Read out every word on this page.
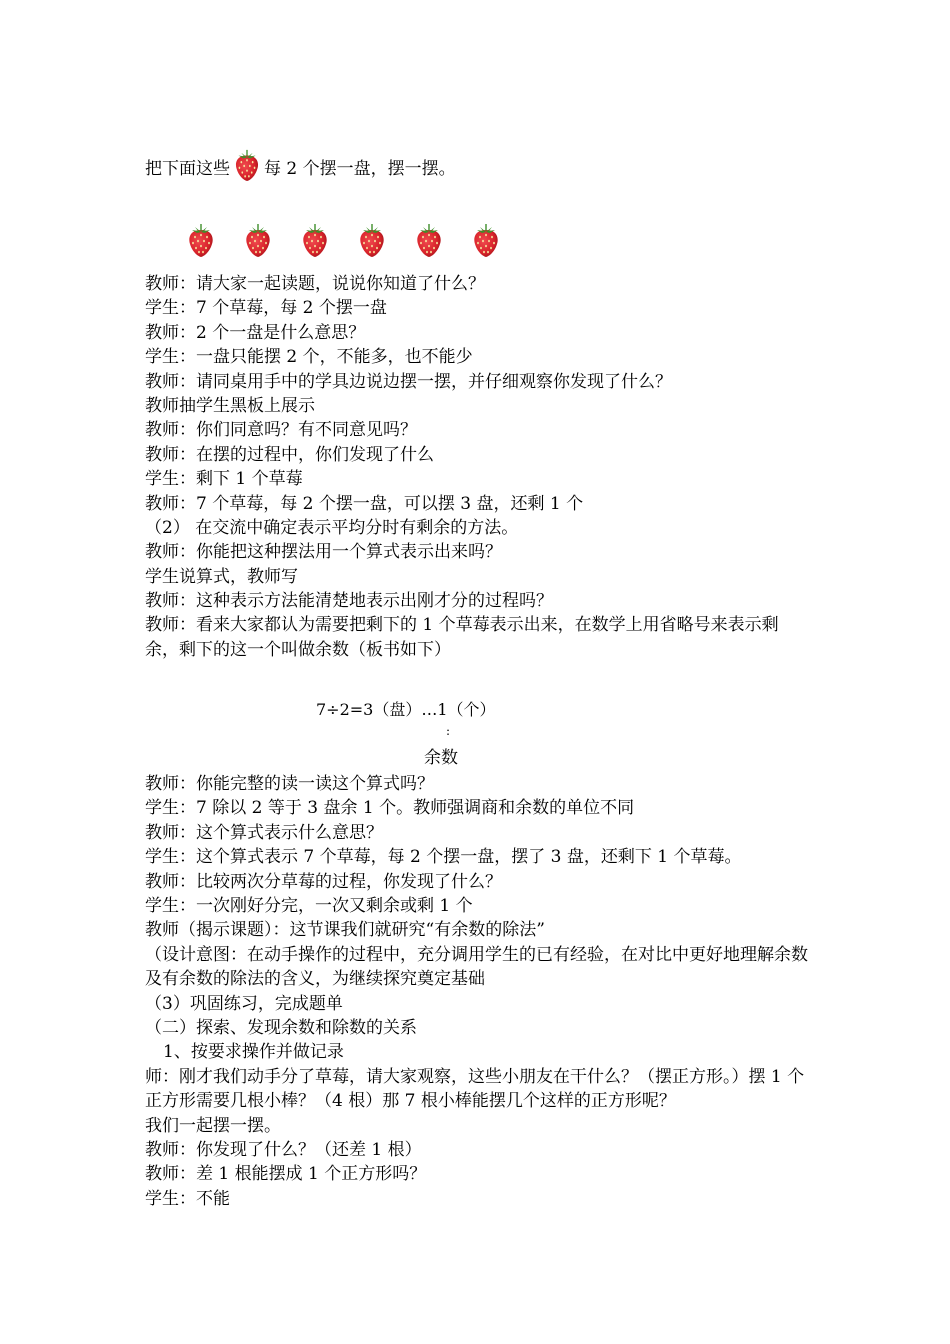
把下面这些 每 2 个摆一盘，摆一摆。
教师：请大家一起读题，说说你知道了什么？
学生：7 个草莓，每 2 个摆一盘
教师：2 个一盘是什么意思？
学生：一盘只能摆 2 个，不能多，也不能少
教师：请同桌用手中的学具边说边摆一摆，并仔细观察你发现了什么？
教师抽学生黑板上展示
教师：你们同意吗？有不同意见吗？
教师：在摆的过程中，你们发现了什么
学生：剩下 1 个草莓
教师：7 个草莓，每 2 个摆一盘，可以摆 3 盘，还剩 1 个
（2） 在交流中确定表示平均分时有剩余的方法。
教师：你能把这种摆法用一个算式表示出来吗？
学生说算式，教师写
教师：这种表示方法能清楚地表示出刚才分的过程吗？
教师：看来大家都认为需要把剩下的 1 个草莓表示出来，在数学上用省略号来表示剩余，剩下的这一个叫做余数（板书如下）
7÷2=3（盘）…1（个）
:
余数
教师：你能完整的读一读这个算式吗？
学生：7 除以 2 等于 3 盘余 1 个。教师强调商和余数的单位不同
教师：这个算式表示什么意思？
学生：这个算式表示 7 个草莓，每 2 个摆一盘，摆了 3 盘，还剩下 1 个草莓。
教师：比较两次分草莓的过程，你发现了什么？
学生：一次刚好分完，一次又剩余或剩 1 个
教师（揭示课题）：这节课我们就研究“有余数的除法”
（设计意图：在动手操作的过程中，充分调用学生的已有经验，在对比中更好地理解余数及有余数的除法的含义，为继续探究奠定基础
（3）巩固练习，完成题单
（二）探索、发现余数和除数的关系
1、按要求操作并做记录
师：刚才我们动手分了草莓，请大家观察，这些小朋友在干什么？（摆正方形。）摆 1 个正方形需要几根小棒？（4 根）那 7 根小棒能摆几个这样的正方形呢？
我们一起摆一摆。
教师：你发现了什么？（还差 1 根）
教师：差 1 根能摆成 1 个正方形吗？
学生：不能
